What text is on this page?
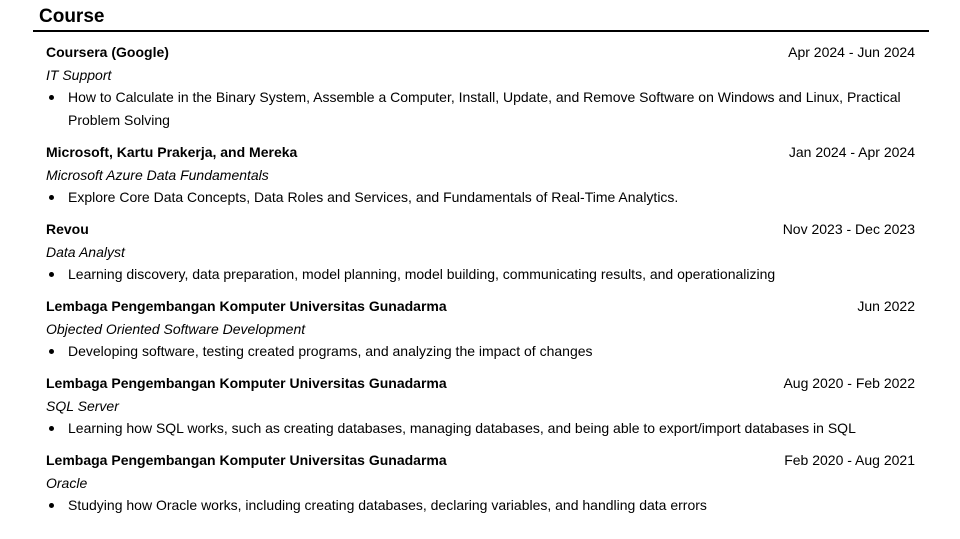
Course
Coursera (Google)	Apr 2024 - Jun 2024
IT Support
How to Calculate in the Binary System, Assemble a Computer, Install, Update, and Remove Software on Windows and Linux, Practical Problem Solving
Microsoft, Kartu Prakerja, and Mereka	Jan 2024 - Apr 2024
Microsoft Azure Data Fundamentals
Explore Core Data Concepts, Data Roles and Services, and Fundamentals of Real-Time Analytics.
Revou	Nov 2023 - Dec 2023
Data Analyst
Learning discovery, data preparation, model planning, model building, communicating results, and operationalizing
Lembaga Pengembangan Komputer Universitas Gunadarma	Jun 2022
Objected Oriented Software Development
Developing software, testing created programs, and analyzing the impact of changes
Lembaga Pengembangan Komputer Universitas Gunadarma	Aug 2020 - Feb 2022
SQL Server
Learning how SQL works, such as creating databases, managing databases, and being able to export/import databases in SQL
Lembaga Pengembangan Komputer Universitas Gunadarma	Feb 2020 - Aug 2021
Oracle
Studying how Oracle works, including creating databases, declaring variables, and handling data errors
